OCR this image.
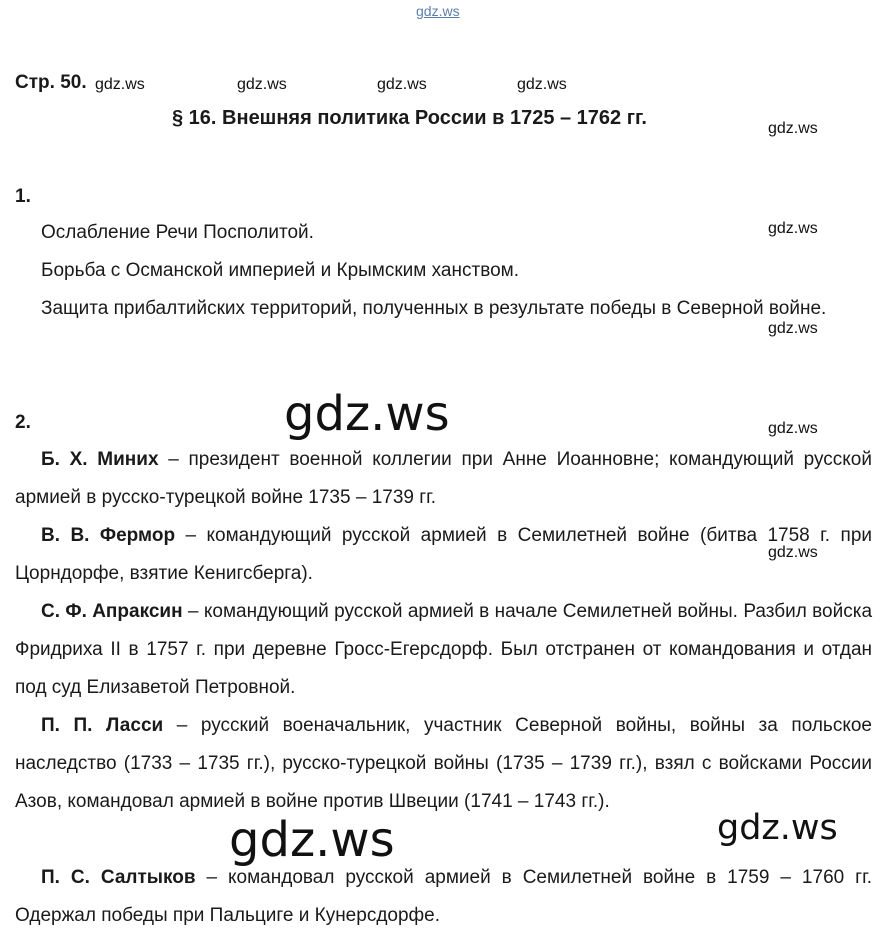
gdz.ws
gdz.ws	gdz.ws	gdz.ws	gdz.ws
gdz.ws
gdz.ws
gdz.ws
gdz.ws
gdz.ws
gdz.ws
gdz.ws	gdz.ws
Стр. 50.
§ 16. Внешняя политика России в 1725 – 1762 гг.
1.
Ослабление Речи Посполитой.
Борьба с Османской империей и Крымским ханством.
Защита прибалтийских территорий, полученных в результате победы в Северной войне.
2.
Б. Х. Миних – президент военной коллегии при Анне Иоанновне; командующий русской армией в русско-турецкой войне 1735 – 1739 гг.
В. В. Фермор – командующий русской армией в Семилетней войне (битва 1758 г. при Цорндорфе, взятие Кенигсберга).
С. Ф. Апраксин – командующий русской армией в начале Семилетней войны. Разбил войска Фридриха II в 1757 г. при деревне Гросс-Егерсдорф. Был отстранен от командования и отдан под суд Елизаветой Петровной.
П. П. Ласси – русский военачальник, участник Северной войны, войны за польское наследство (1733 – 1735 гг.), русско-турецкой войны (1735 – 1739 гг.), взял с войсками России Азов, командовал армией в войне против Швеции (1741 – 1743 гг.).
П. С. Салтыков – командовал русской армией в Семилетней войне в 1759 – 1760 гг. Одержал победы при Пальциге и Кунерсдорфе.
